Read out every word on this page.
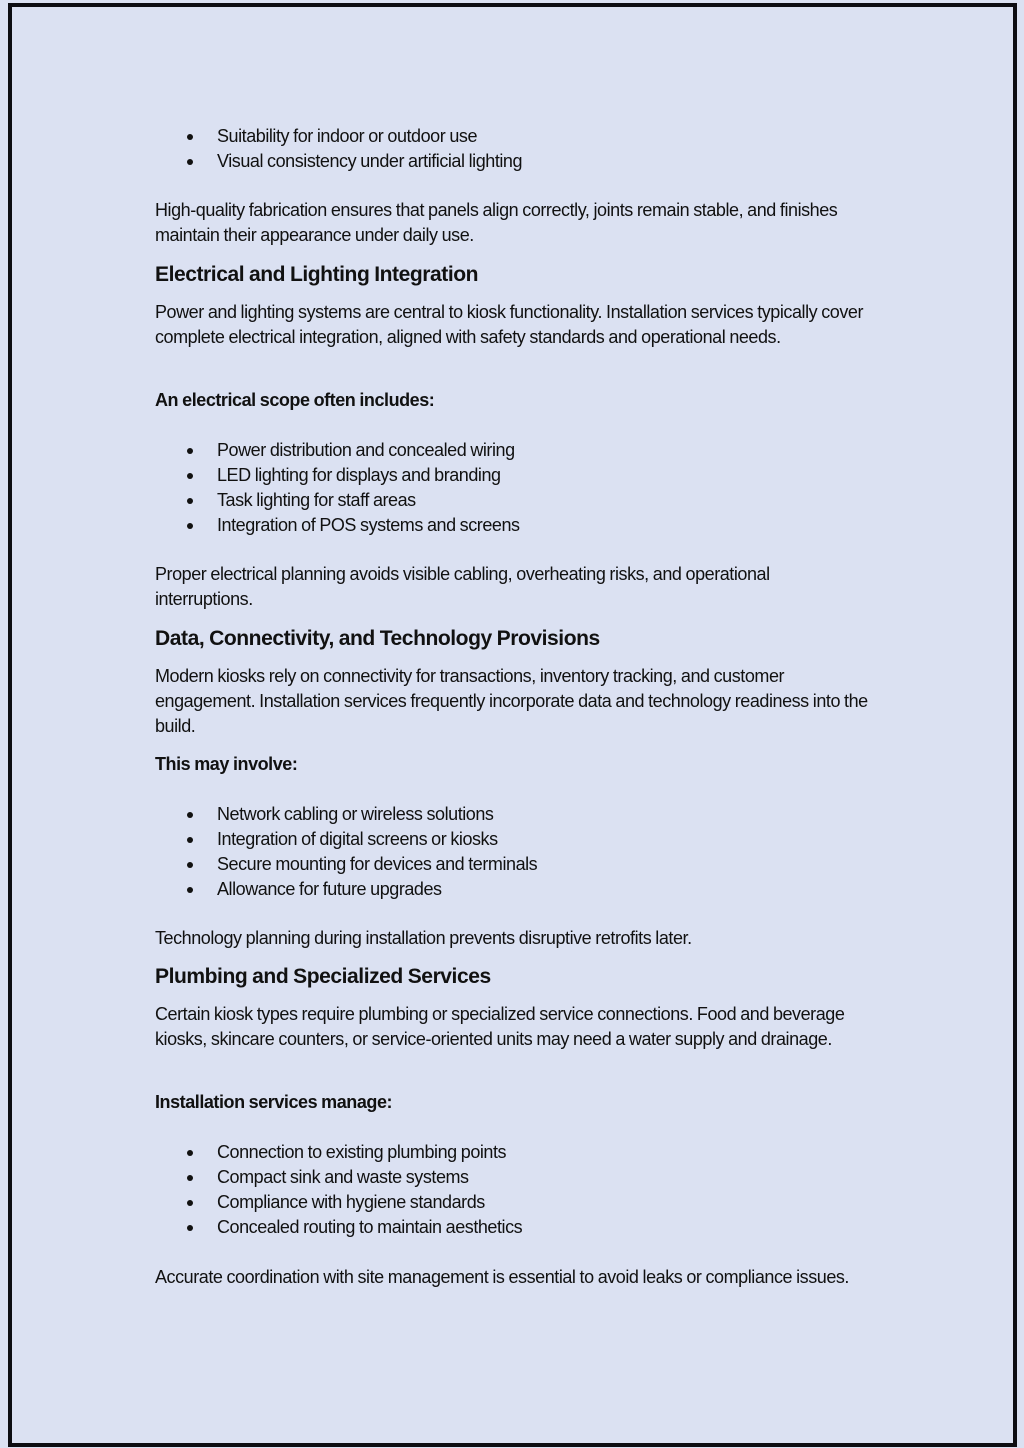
Suitability for indoor or outdoor use
Visual consistency under artificial lighting

High-quality fabrication ensures that panels align correctly, joints remain stable, and finishes maintain their appearance under daily use.

Electrical and Lighting Integration

Power and lighting systems are central to kiosk functionality. Installation services typically cover complete electrical integration, aligned with safety standards and operational needs.

An electrical scope often includes:
Power distribution and concealed wiring
LED lighting for displays and branding
Task lighting for staff areas
Integration of POS systems and screens

Proper electrical planning avoids visible cabling, overheating risks, and operational interruptions.

Data, Connectivity, and Technology Provisions

Modern kiosks rely on connectivity for transactions, inventory tracking, and customer engagement. Installation services frequently incorporate data and technology readiness into the build.

This may involve:
Network cabling or wireless solutions
Integration of digital screens or kiosks
Secure mounting for devices and terminals
Allowance for future upgrades

Technology planning during installation prevents disruptive retrofits later.

Plumbing and Specialized Services

Certain kiosk types require plumbing or specialized service connections. Food and beverage kiosks, skincare counters, or service-oriented units may need a water supply and drainage.

Installation services manage:
Connection to existing plumbing points
Compact sink and waste systems
Compliance with hygiene standards
Concealed routing to maintain aesthetics

Accurate coordination with site management is essential to avoid leaks or compliance issues.
